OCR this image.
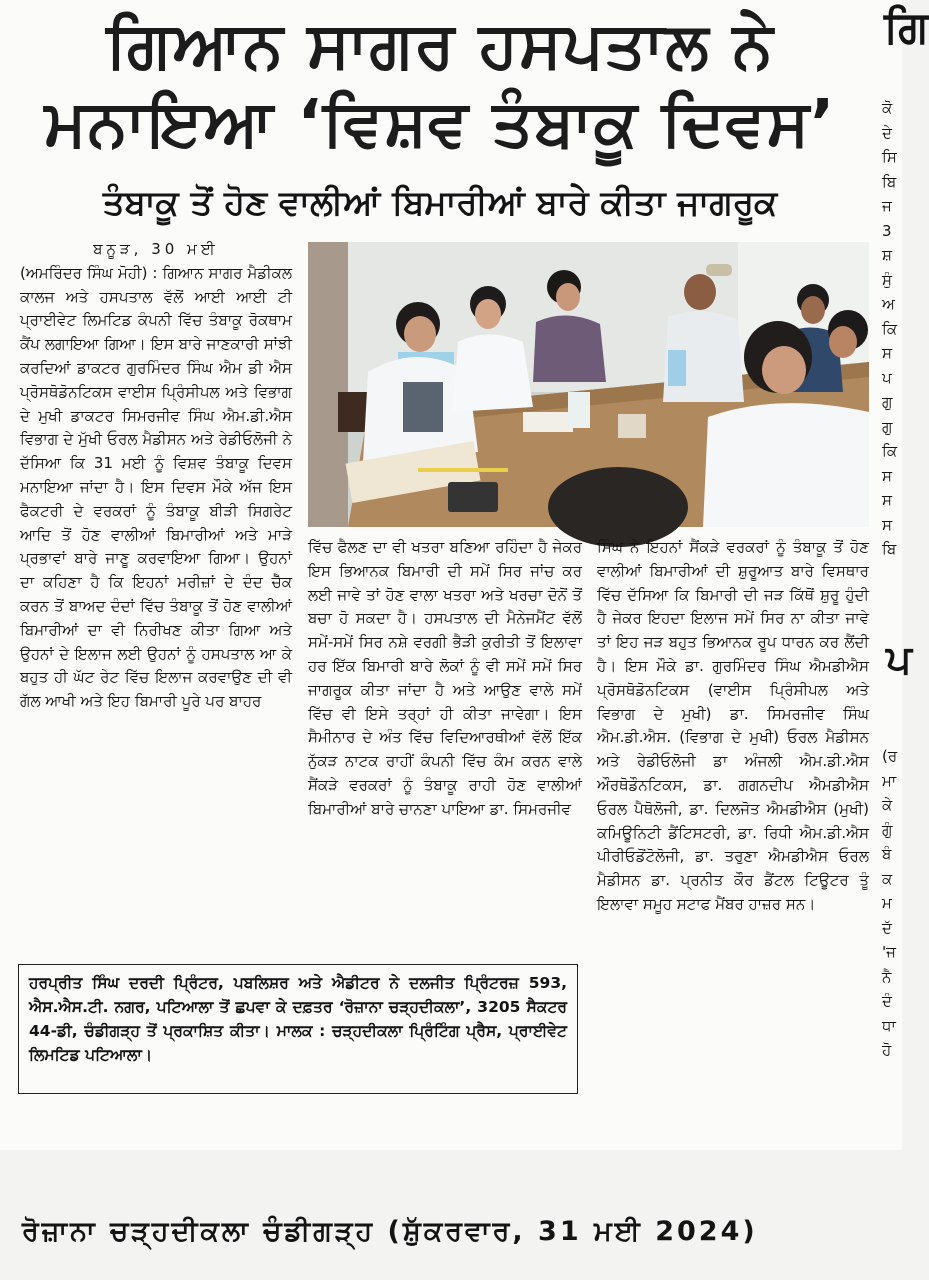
ਗਿਆਨ ਸਾਗਰ ਹਸਪਤਾਲ ਨੇ
ਮਨਾਇਆ ‘ਵਿਸ਼ਵ ਤੰਬਾਕੂ ਦਿਵਸ’
ਤੰਬਾਕੂ ਤੋਂ ਹੋਣ ਵਾਲੀਆਂ ਬਿਮਾਰੀਆਂ ਬਾਰੇ ਕੀਤਾ ਜਾਗਰੂਕ
ਬਨੂੜ, 30 ਮਈ

(ਅਮਰਿੰਦਰ ਸਿੰਘ ਮੋਹੀ) : ਗਿਆਨ ਸਾਗਰ ਮੈਡੀਕਲ ਕਾਲਜ ਅਤੇ ਹਸਪਤਾਲ ਵੱਲੋਂ ਆਈ ਆਈ ਟੀ ਪ੍ਰਾਈਵੇਟ ਲਿਮਟਿਡ ਕੰਪਨੀ ਵਿੱਚ ਤੰਬਾਕੂ ਰੋਕਥਾਮ ਕੈਂਪ ਲਗਾਇਆ ਗਿਆ। ਇਸ ਬਾਰੇ ਜਾਣਕਾਰੀ ਸਾਂਝੀ ਕਰਦਿਆਂ ਡਾਕਟਰ ਗੁਰਮਿੰਦਰ ਸਿੰਘ ਐਮ ਡੀ ਐਸ ਪ੍ਰੋਸਥੋਡੋਨਟਿਕਸ ਵਾਈਸ ਪ੍ਰਿੰਸੀਪਲ ਅਤੇ ਵਿਭਾਗ ਦੇ ਮੁਖੀ ਡਾਕਟਰ ਸਿਮਰਜੀਵ ਸਿੰਘ ਐਮ.ਡੀ.ਐਸ ਵਿਭਾਗ ਦੇ ਮੁੱਖੀ ਓਰਲ ਮੈਡੀਸਨ ਅਤੇ ਰੇਡੀਓਲੋਜੀ ਨੇ ਦੱਸਿਆ ਕਿ 31 ਮਈ ਨੂੰ ਵਿਸ਼ਵ ਤੰਬਾਕੂ ਦਿਵਸ ਮਨਾਇਆ ਜਾਂਦਾ ਹੈ। ਇਸ ਦਿਵਸ ਮੌਕੇ ਅੱਜ ਇਸ ਫੈਕਟਰੀ ਦੇ ਵਰਕਰਾਂ ਨੂੰ ਤੰਬਾਕੂ ਬੀੜੀ ਸਿਗਰੇਟ ਆਦਿ ਤੋਂ ਹੋਣ ਵਾਲੀਆਂ ਬਿਮਾਰੀਆਂ ਅਤੇ ਮਾੜੇ ਪ੍ਰਭਾਵਾਂ ਬਾਰੇ ਜਾਣੂ ਕਰਵਾਇਆ ਗਿਆ। ਉਹਨਾਂ ਦਾ ਕਹਿਣਾ ਹੈ ਕਿ ਇਹਨਾਂ ਮਰੀਜ਼ਾਂ ਦੇ ਦੰਦ ਚੈੱਕ ਕਰਨ ਤੋਂ ਬਾਅਦ ਦੰਦਾਂ ਵਿੱਚ ਤੰਬਾਕੂ ਤੋਂ ਹੋਣ ਵਾਲੀਆਂ ਬਿਮਾਰੀਆਂ ਦਾ ਵੀ ਨਿਰੀਖਣ ਕੀਤਾ ਗਿਆ ਅਤੇ ਉਹਨਾਂ ਦੇ ਇਲਾਜ ਲਈ ਉਹਨਾਂ ਨੂੰ ਹਸਪਤਾਲ ਆ ਕੇ ਬਹੁਤ ਹੀ ਘੱਟ ਰੇਟ ਵਿੱਚ ਇਲਾਜ ਕਰਵਾਉਣ ਦੀ ਵੀ ਗੱਲ ਆਖੀ ਅਤੇ ਇਹ ਬਿਮਾਰੀ ਪੂਰੇ ਪਰ ਬਾਹਰ

ਵਿੱਚ ਫੈਲਣ ਦਾ ਵੀ ਖਤਰਾ ਬਣਿਆ ਰਹਿੰਦਾ ਹੈ ਜੇਕਰ ਇਸ ਭਿਆਨਕ ਬਿਮਾਰੀ ਦੀ ਸਮੇਂ ਸਿਰ ਜਾਂਚ ਕਰ ਲਈ ਜਾਵੇ ਤਾਂ ਹੋਣ ਵਾਲਾ ਖਤਰਾ ਅਤੇ ਖਰਚਾ ਦੋਨੋਂ ਤੋਂ ਬਚਾ ਹੋ ਸਕਦਾ ਹੈ। ਹਸਪਤਾਲ ਦੀ ਮੈਨੇਜਮੈਂਟ ਵੱਲੋਂ ਸਮੇਂ-ਸਮੇਂ ਸਿਰ ਨਸ਼ੇ ਵਰਗੀ ਭੈੜੀ ਕੁਰੀਤੀ ਤੋਂ ਇਲਾਵਾ ਹਰ ਇੱਕ ਬਿਮਾਰੀ ਬਾਰੇ ਲੋਕਾਂ ਨੂੰ ਵੀ ਸਮੇਂ ਸਮੇਂ ਸਿਰ ਜਾਗਰੂਕ ਕੀਤਾ ਜਾਂਦਾ ਹੈ ਅਤੇ ਆਉਣ ਵਾਲੇ ਸਮੇਂ ਵਿੱਚ ਵੀ ਇਸੇ ਤਰ੍ਹਾਂ ਹੀ ਕੀਤਾ ਜਾਵੇਗਾ। ਇਸ ਸੈਮੀਨਾਰ ਦੇ ਅੰਤ ਵਿੱਚ ਵਿਦਿਆਰਥੀਆਂ ਵੱਲੋਂ ਇੱਕ ਨੁੱਕੜ ਨਾਟਕ ਰਾਹੀਂ ਕੰਪਨੀ ਵਿੱਚ ਕੰਮ ਕਰਨ ਵਾਲੇ ਸੈਂਕੜੇ ਵਰਕਰਾਂ ਨੂੰ ਤੰਬਾਕੂ ਰਾਹੀ ਹੋਣ ਵਾਲੀਆਂ ਬਿਮਾਰੀਆਂ ਬਾਰੇ ਚਾਨਣਾ ਪਾਇਆ ਡਾ. ਸਿਮਰਜੀਵ

ਸਿੰਘ ਨੇ ਇਹਨਾਂ ਸੈਂਕੜੇ ਵਰਕਰਾਂ ਨੂੰ ਤੰਬਾਕੂ ਤੋਂ ਹੋਣ ਵਾਲੀਆਂ ਬਿਮਾਰੀਆਂ ਦੀ ਸ਼ੁਰੂਆਤ ਬਾਰੇ ਵਿਸਥਾਰ ਵਿੱਚ ਦੱਸਿਆ ਕਿ ਬਿਮਾਰੀ ਦੀ ਜੜ ਕਿੱਥੋਂ ਸ਼ੁਰੂ ਹੁੰਦੀ ਹੈ ਜੇਕਰ ਇਹਦਾ ਇਲਾਜ ਸਮੇਂ ਸਿਰ ਨਾ ਕੀਤਾ ਜਾਵੇ ਤਾਂ ਇਹ ਜੜ ਬਹੁਤ ਭਿਆਨਕ ਰੂਪ ਧਾਰਨ ਕਰ ਲੈਂਦੀ ਹੈ। ਇਸ ਮੌਕੇ ਡਾ. ਗੁਰਮਿੰਦਰ ਸਿੰਘ ਐਮਡੀਐਸ ਪ੍ਰੋਸਥੋਡੋਨਟਿਕਸ (ਵਾਈਸ ਪ੍ਰਿੰਸੀਪਲ ਅਤੇ ਵਿਭਾਗ ਦੇ ਮੁਖੀ) ਡਾ. ਸਿਮਰਜੀਵ ਸਿੰਘ ਐਮ.ਡੀ.ਐਸ. (ਵਿਭਾਗ ਦੇ ਮੁਖੀ) ਓਰਲ ਮੈਡੀਸਨ ਅਤੇ ਰੇਡੀਓਲੋਜੀ ਡਾ ਅੰਜਲੀ ਐਮ.ਡੀ.ਐਸ ਔਰਥੋਡੌਨਟਿਕਸ, ਡਾ. ਗਗਨਦੀਪ ਐਮਡੀਐਸ ਓਰਲ ਪੈਥੋਲੋਜੀ, ਡਾ. ਦਿਲਜੋਤ ਐਮਡੀਐਸ (ਮੁਖੀ) ਕਮਿਊਨਿਟੀ ਡੈਂਟਿਸਟਰੀ, ਡਾ. ਰਿਧੀ ਐਮ.ਡੀ.ਐਸ ਪੀਰੀਓਡੋਂਟੋਲੋਜੀ, ਡਾ. ਤਰੁਣਾ ਐਮਡੀਐਸ ਓਰਲ ਮੈਡੀਸਨ ਡਾ. ਪ੍ਰਨੀਤ ਕੌਰ ਡੈਂਟਲ ਟਿਊਟਰ ਤੂੰ ਇਲਾਵਾ ਸਮੂਹ ਸਟਾਫ ਮੈਂਬਰ ਹਾਜ਼ਰ ਸਨ।

ਹਰਪ੍ਰੀਤ ਸਿੰਘ ਦਰਦੀ ਪ੍ਰਿੰਟਰ, ਪਬਲਿਸ਼ਰ ਅਤੇ ਐਡੀਟਰ ਨੇ ਦਲਜੀਤ ਪ੍ਰਿੰਟਰਜ਼ 593, ਐਸ.ਐਸ.ਟੀ. ਨਗਰ, ਪਟਿਆਲਾ ਤੋਂ ਛਪਵਾ ਕੇ ਦਫ਼ਤਰ ‘ਰੋਜ਼ਾਨਾ ਚੜ੍ਹਦੀਕਲਾ’, 3205 ਸੈਕਟਰ 44-ਡੀ, ਚੰਡੀਗੜ੍ਹ ਤੋਂ ਪ੍ਰਕਾਸ਼ਿਤ ਕੀਤਾ। ਮਾਲਕ : ਚੜ੍ਹਦੀਕਲਾ ਪ੍ਰਿੰਟਿੰਗ ਪ੍ਰੈਸ, ਪ੍ਰਾਈਵੇਟ ਲਿਮਟਿਡ ਪਟਿਆਲਾ।
ਗਿ
ਕੋ
ਦੇ
ਸਿ
ਬਿ
ਜ
3
ਸ਼
ਸੁੰ
ਅ
ਕਿ
ਸ
ਪ
ਗੁ
ਗੁ
ਕਿ
ਸ
ਸ
ਸ
ਬਿ
ਪ
(ਰ
ਮਾ
ਕੇ
ਗੁੰ
ਬੰ
ਕ
ਮ
ਦੱ
'ਜ
ਨੈ
ਦੰ
ਧਾ
ਹੋ
ਰੋਜ਼ਾਨਾ ਚੜ੍ਹਦੀਕਲਾ ਚੰਡੀਗੜ੍ਹ (ਸ਼ੁੱਕਰਵਾਰ, 31 ਮਈ 2024)
